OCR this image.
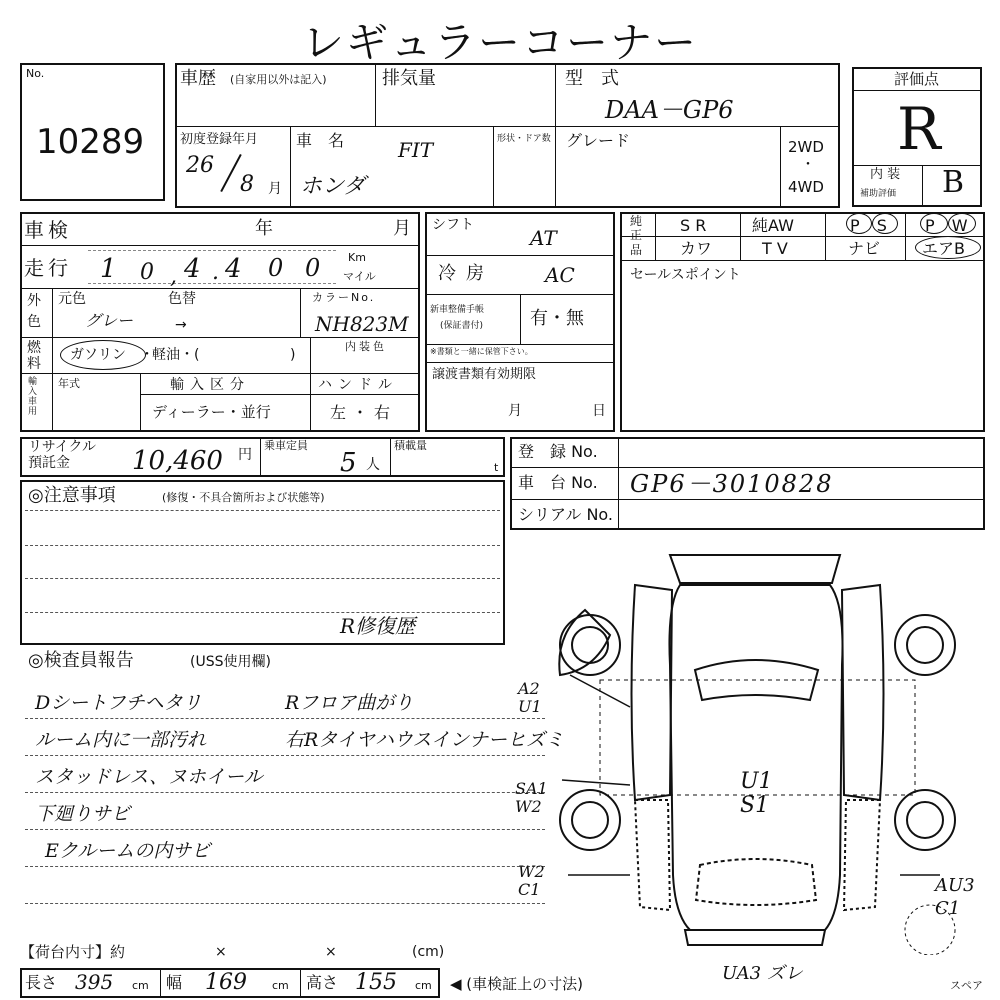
レギュラーコーナー
No.
10289
車歴 (自家用以外は記入)	排気量	型　式
DAA－GP6
初度登録年月
26
8 月
車　名	FIT
ホンダ
形状・ドア数 グレード	2WD
・
4WD
評価点
R
内 装
補助評価 B
車検	年	月
走行 1 0 , 4 . 4 0 0	Km
マイル
外
色
元色	色替
グレー	→
カラーNo.
NH823M
燃
料
ガソリン ・
軽油・(	)
内装色
輸入車用
年式	輸入区分
ディーラー・並行
ハンドル
左・右
シフト
AT
冷房	AC
新車整備手帳
(保証書付)	有・無
※書類と一緒に保管下さい。
譲渡書類有効期限
月	日
純正品
S R	純AW	P S P W
カワ	T V	ナビ	エアB
セールスポイント
リサイクル
預託金 10,460 円
乗車定員
5 人
積載量
t
登　録 No.
車　台 No. GP6－3010828
シリアル No.
◎注意事項	(修復・不具合箇所および状態等)
R修復歴
◎検査員報告	(USS使用欄)
Dシートフチヘタリ	Rフロア曲がり
ルーム内に一部汚れ	右Rタイヤハウスインナーヒズミ
スタッドレス、ヌホイール
下廻りサビ
Eクルームの内サビ
A2
U1
SA1
W2
W2
C1
U1
S1
AU3
C1
UA3 ズレ
スペア
【荷台内寸】約	×	×	(cm)
長さ 395 cm 幅 169 cm 高さ 155 cm ◀ (車検証上の寸法)
